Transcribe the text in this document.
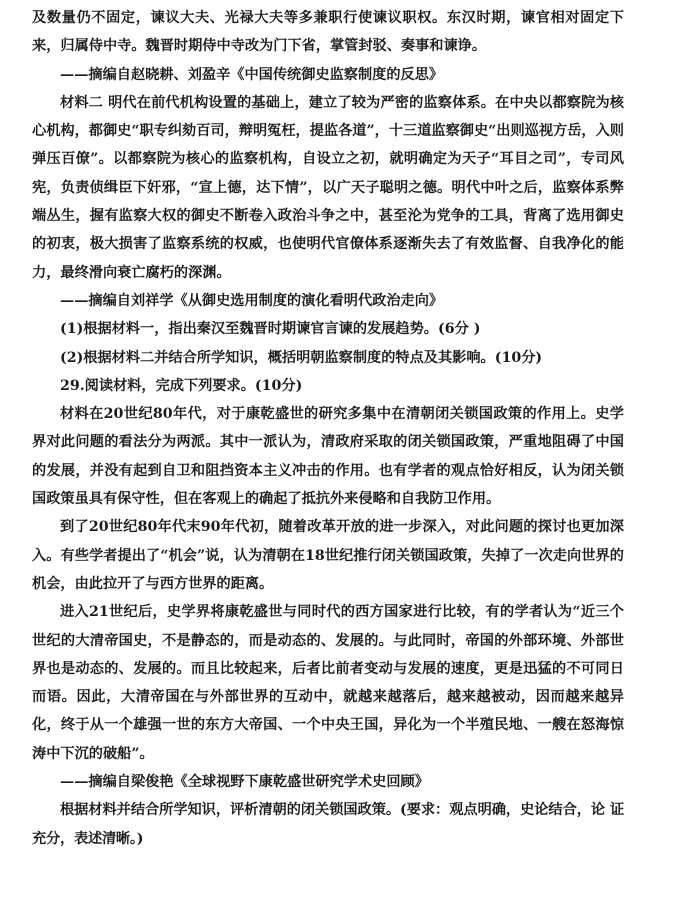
及数量仍不固定，谏议大夫、光禄大夫等多兼职行使谏议职权。东汉时期，谏官相对固定下来，归属侍中寺。魏晋时期侍中寺改为门下省，掌管封驳、奏事和谏诤。

——摘编自赵晓耕、刘盈辛《中国传统御史监察制度的反思》

材料二 明代在前代机构设置的基础上，建立了较为严密的监察体系。在中央以都察院为核心机构，都御史“职专纠劾百司，辩明冤枉，提监各道”，十三道监察御史“出则巡视方岳，入则弹压百僚”。以都察院为核心的监察机构，自设立之初，就明确定为天子“耳目之司”，专司风宪，负责侦缉臣下奸邪，“宣上德，达下情”，以广天子聪明之德。明代中叶之后，监察体系弊端丛生，握有监察大权的御史不断卷入政治斗争之中，甚至沦为党争的工具，背离了选用御史的初衷，极大损害了监察系统的权威，也使明代官僚体系逐渐失去了有效监督、自我净化的能力，最终滑向衰亡腐朽的深渊。

——摘编自刘祥学《从御史选用制度的演化看明代政治走向》

(1)根据材料一，指出秦汉至魏晋时期谏官言谏的发展趋势。(6分 )

(2)根据材料二并结合所学知识，概括明朝监察制度的特点及其影响。(10分)

29.阅读材料，完成下列要求。(10分)

材料在20世纪80年代，对于康乾盛世的研究多集中在清朝闭关锁国政策的作用上。史学界对此问题的看法分为两派。其中一派认为，清政府采取的闭关锁国政策，严重地阻碍了中国的发展，并没有起到自卫和阻挡资本主义冲击的作用。也有学者的观点恰好相反，认为闭关锁国政策虽具有保守性，但在客观上的确起了抵抗外来侵略和自我防卫作用。

到了20世纪80年代末90年代初，随着改革开放的进一步深入，对此问题的探讨也更加深入。有些学者提出了“机会”说，认为清朝在18世纪推行闭关锁国政策，失掉了一次走向世界的机会，由此拉开了与西方世界的距离。

进入21世纪后，史学界将康乾盛世与同时代的西方国家进行比较，有的学者认为“近三个世纪的大清帝国史，不是静态的，而是动态的、发展的。与此同时，帝国的外部环境、外部世界也是动态的、发展的。而且比较起来，后者比前者变动与发展的速度，更是迅猛的不可同日而语。因此，大清帝国在与外部世界的互动中，就越来越落后，越来越被动，因而越来越异化，终于从一个雄强一世的东方大帝国、一个中央王国，异化为一个半殖民地、一艘在怒海惊涛中下沉的破船”。

——摘编自梁俊艳《全球视野下康乾盛世研究学术史回顾》

根据材料并结合所学知识，评析清朝的闭关锁国政策。(要求：观点明确，史论结合，论 证充分，表述清晰。)
